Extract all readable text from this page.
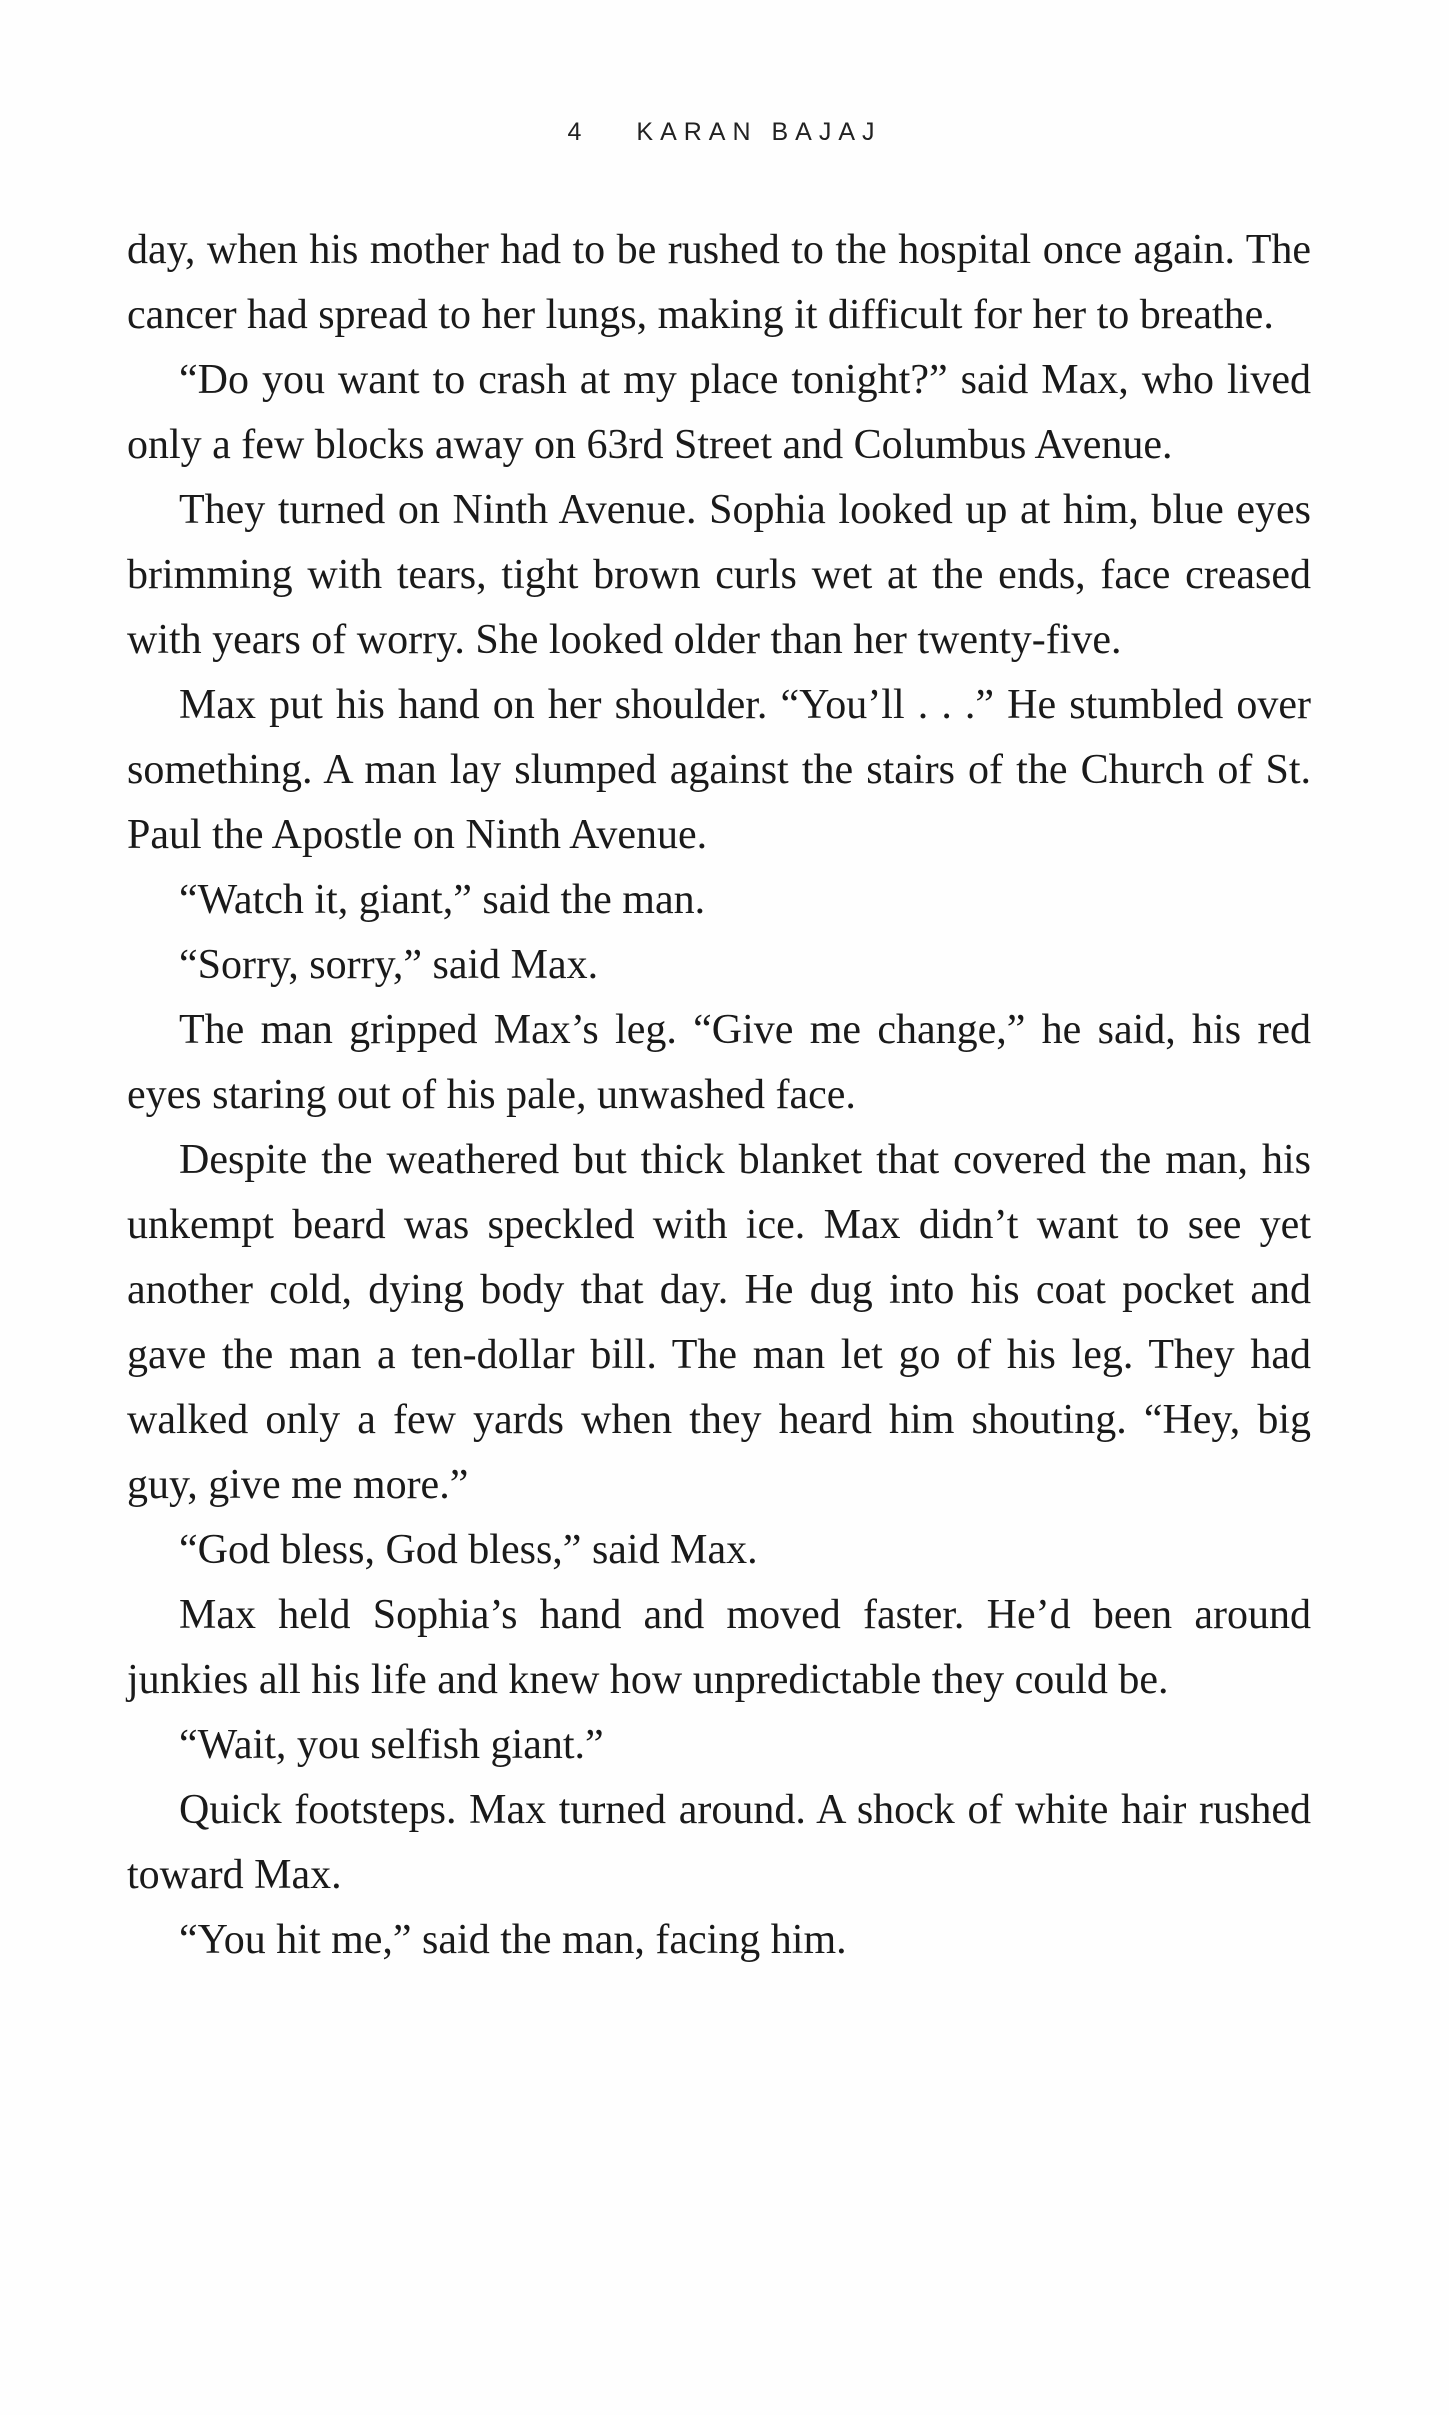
4 KARAN BAJAJ

day, when his mother had to be rushed to the hospital once again. The cancer had spread to her lungs, making it difficult for her to breathe.

“Do you want to crash at my place tonight?” said Max, who lived only a few blocks away on 63rd Street and Columbus Avenue.

They turned on Ninth Avenue. Sophia looked up at him, blue eyes brimming with tears, tight brown curls wet at the ends, face creased with years of worry. She looked older than her twenty-five.

Max put his hand on her shoulder. “You’ll . . .” He stumbled over something. A man lay slumped against the stairs of the Church of St. Paul the Apostle on Ninth Avenue.

“Watch it, giant,” said the man.

“Sorry, sorry,” said Max.

The man gripped Max’s leg. “Give me change,” he said, his red eyes staring out of his pale, unwashed face.

Despite the weathered but thick blanket that covered the man, his unkempt beard was speckled with ice. Max didn’t want to see yet another cold, dying body that day. He dug into his coat pocket and gave the man a ten-dollar bill. The man let go of his leg. They had walked only a few yards when they heard him shouting. “Hey, big guy, give me more.”

“God bless, God bless,” said Max.

Max held Sophia’s hand and moved faster. He’d been around junkies all his life and knew how unpredictable they could be.

“Wait, you selfish giant.”

Quick footsteps. Max turned around. A shock of white hair rushed toward Max.

“You hit me,” said the man, facing him.
